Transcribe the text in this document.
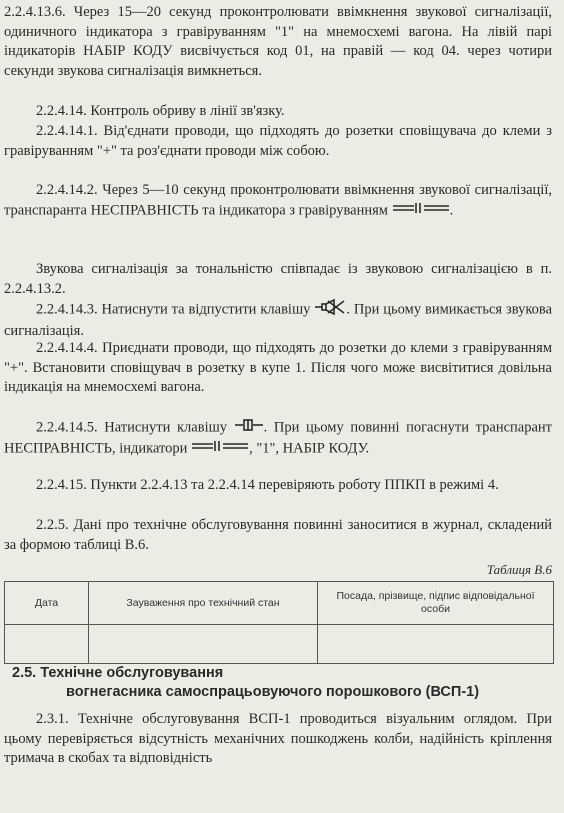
2.2.4.13.6. Через 15—20 секунд проконтролювати ввімкнення звукової сигналізації, одиничного індикатора з гравіруванням "1" на мнемосхемі вагона. На лівій парі індикаторів НАБІР КОДУ висвічується код 01, на правій — код 04. через чотири секунди звукова сигналізація вимкнеться.

2.2.4.14. Контроль обриву в лінії зв'язку.

2.2.4.14.1. Від'єднати проводи, що підходять до розетки сповіщувача до клеми з гравіруванням "+" та роз'єднати проводи між собою.

2.2.4.14.2. Через 5—10 секунд проконтролювати ввімкнення звукової сигналізації, транспаранта НЕСПРАВНІСТЬ та індикатора з гравіруванням	.

Звукова сигналізація за тональністю співпадає із звуковою сигналізацією в п. 2.2.4.13.2.

2.2.4.14.3. Натиснути та відпустити клавішу . При цьому вимикається звукова сигналізація.

2.2.4.14.4. Приєднати проводи, що підходять до розетки до клеми з гравіруванням "+". Встановити сповіщувач в розетку в купе 1. Після чого може висвітитися довільна індикація на мнемосхемі вагона.

2.2.4.14.5. Натиснути клавішу	. При цьому повинні погаснути транспарант НЕСПРАВНІСТЬ, індикатори	, "1", НАБІР КОДУ.

2.2.4.15. Пункти 2.2.4.13 та 2.2.4.14 перевіряють роботу ППКП в режимі 4.

2.2.5. Дані про технічне обслуговування повинні заноситися в журнал, складений за формою таблиці В.6.

Таблиця В.6
Дата	Зауваження про технічний стан	Посада, прізвище, підпис відповідальної особи

2.5. Технічне обслуговування
вогнегасника самоспрацьовуючого порошкового (ВСП-1)

2.3.1. Технічне обслуговування ВСП-1 проводиться візуальним оглядом. При цьому перевіряється відсутність механічних пошкоджень колби, надійність кріплення тримача в скобах та відповідність
